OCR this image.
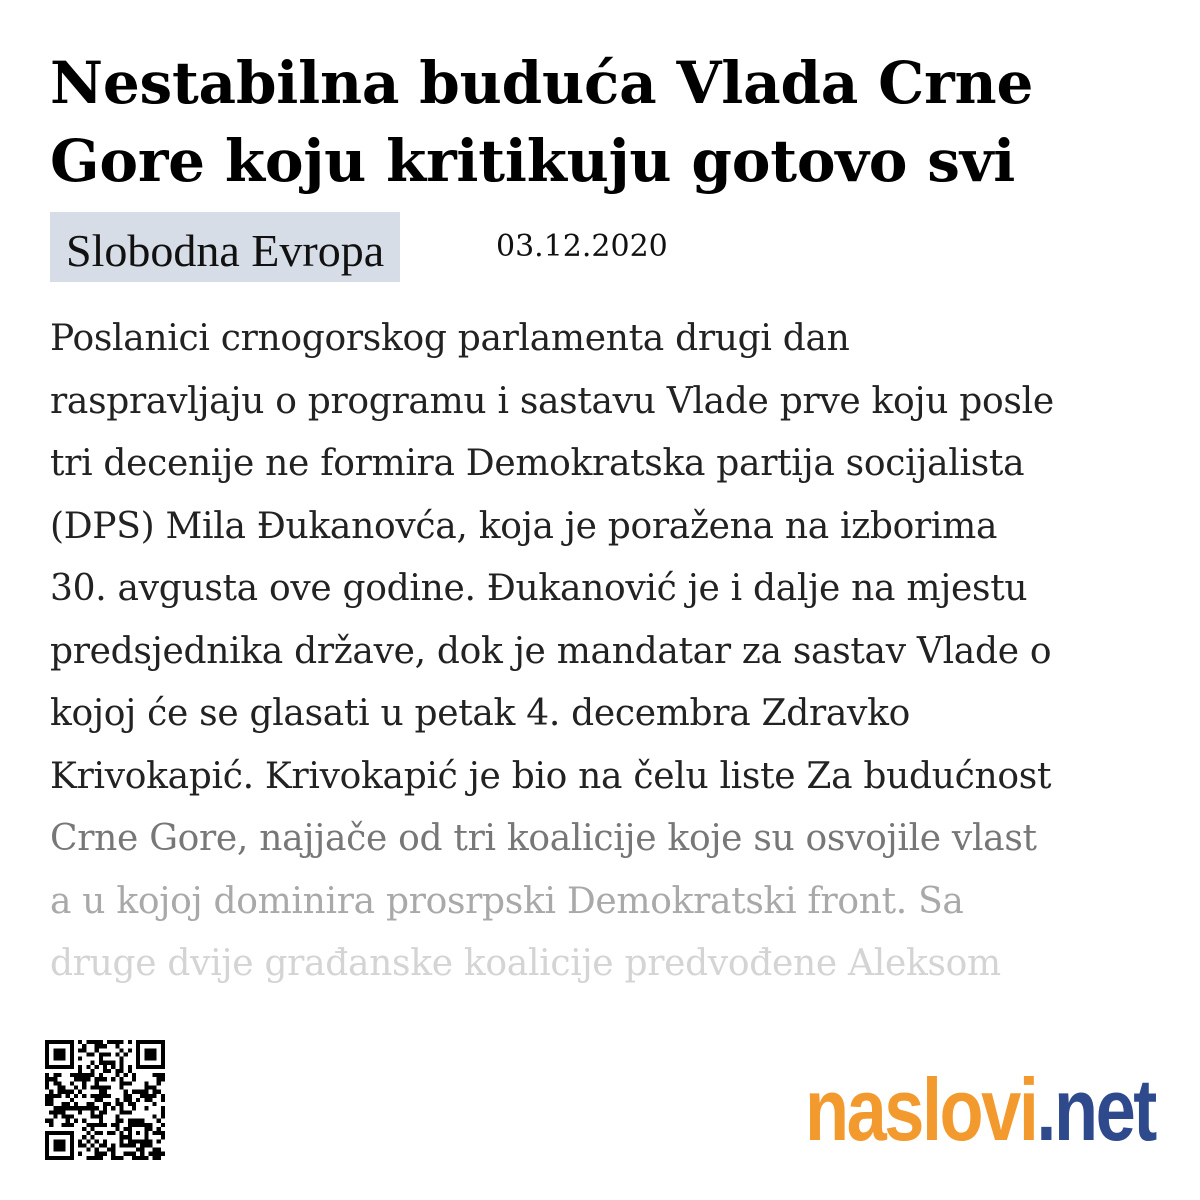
Nestabilna buduća Vlada Crne Gore koju kritikuju gotovo svi
Slobodna Evropa	03.12.2020
Poslanici crnogorskog parlamenta drugi dan
raspravljaju o programu i sastavu Vlade prve koju posle
tri decenije ne formira Demokratska partija socijalista
(DPS) Mila Đukanovća, koja je poražena na izborima
30. avgusta ove godine. Đukanović je i dalje na mjestu
predsjednika države, dok je mandatar za sastav Vlade o
kojoj će se glasati u petak 4. decembra Zdravko
Krivokapić. Krivokapić je bio na čelu liste Za budućnost
Crne Gore, najjače od tri koalicije koje su osvojile vlast
a u kojoj dominira prosrpski Demokratski front. Sa
druge dvije građanske koalicije predvođene Aleksom
naslovi.net
